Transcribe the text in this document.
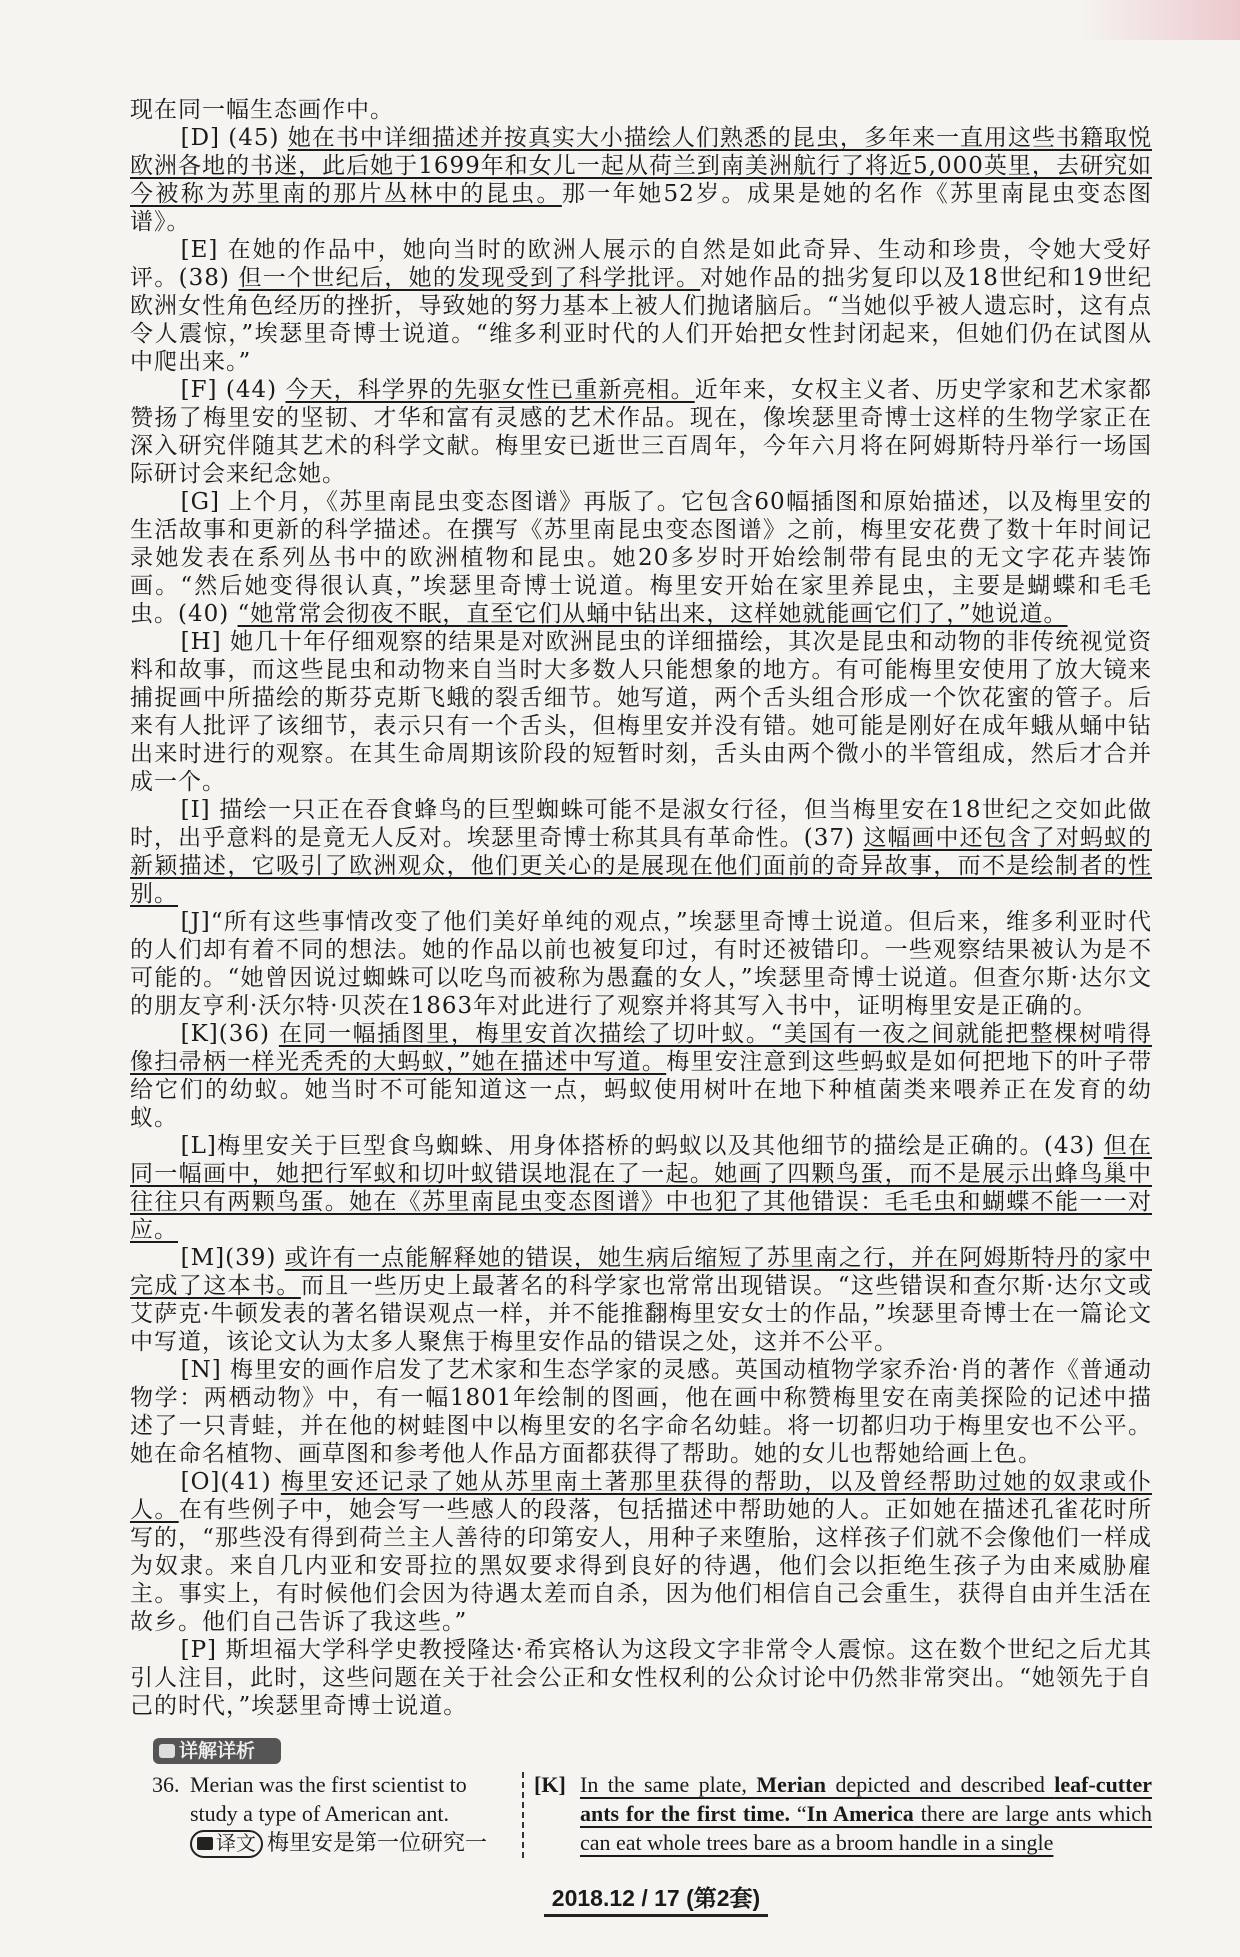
现在同一幅生态画作中。

[D] (45) 她在书中详细描述并按真实大小描绘人们熟悉的昆虫，多年来一直用这些书籍取悦欧洲各地的书迷，此后她于1699年和女儿一起从荷兰到南美洲航行了将近5,000英里，去研究如今被称为苏里南的那片丛林中的昆虫。那一年她52岁。成果是她的名作《苏里南昆虫变态图谱》。

[E] 在她的作品中，她向当时的欧洲人展示的自然是如此奇异、生动和珍贵，令她大受好评。(38) 但一个世纪后，她的发现受到了科学批评。对她作品的拙劣复印以及18世纪和19世纪欧洲女性角色经历的挫折，导致她的努力基本上被人们抛诸脑后。“当她似乎被人遗忘时，这有点令人震惊，”埃瑟里奇博士说道。“维多利亚时代的人们开始把女性封闭起来，但她们仍在试图从中爬出来。”

[F] (44) 今天，科学界的先驱女性已重新亮相。近年来，女权主义者、历史学家和艺术家都赞扬了梅里安的坚韧、才华和富有灵感的艺术作品。现在，像埃瑟里奇博士这样的生物学家正在深入研究伴随其艺术的科学文献。梅里安已逝世三百周年，今年六月将在阿姆斯特丹举行一场国际研讨会来纪念她。

[G] 上个月，《苏里南昆虫变态图谱》再版了。它包含60幅插图和原始描述，以及梅里安的生活故事和更新的科学描述。在撰写《苏里南昆虫变态图谱》之前，梅里安花费了数十年时间记录她发表在系列丛书中的欧洲植物和昆虫。她20多岁时开始绘制带有昆虫的无文字花卉装饰画。“然后她变得很认真，”埃瑟里奇博士说道。梅里安开始在家里养昆虫，主要是蝴蝶和毛毛虫。(40) “她常常会彻夜不眠，直至它们从蛹中钻出来，这样她就能画它们了，”她说道。

[H] 她几十年仔细观察的结果是对欧洲昆虫的详细描绘，其次是昆虫和动物的非传统视觉资料和故事，而这些昆虫和动物来自当时大多数人只能想象的地方。有可能梅里安使用了放大镜来捕捉画中所描绘的斯芬克斯飞蛾的裂舌细节。她写道，两个舌头组合形成一个饮花蜜的管子。后来有人批评了该细节，表示只有一个舌头，但梅里安并没有错。她可能是刚好在成年蛾从蛹中钻出来时进行的观察。在其生命周期该阶段的短暂时刻，舌头由两个微小的半管组成，然后才合并成一个。

[I] 描绘一只正在吞食蜂鸟的巨型蜘蛛可能不是淑女行径，但当梅里安在18世纪之交如此做时，出乎意料的是竟无人反对。埃瑟里奇博士称其具有革命性。(37) 这幅画中还包含了对蚂蚁的新颖描述，它吸引了欧洲观众，他们更关心的是展现在他们面前的奇异故事，而不是绘制者的性别。

[J]“所有这些事情改变了他们美好单纯的观点，”埃瑟里奇博士说道。但后来，维多利亚时代的人们却有着不同的想法。她的作品以前也被复印过，有时还被错印。一些观察结果被认为是不可能的。“她曾因说过蜘蛛可以吃鸟而被称为愚蠢的女人，”埃瑟里奇博士说道。但查尔斯·达尔文的朋友亨利·沃尔特·贝茨在1863年对此进行了观察并将其写入书中，证明梅里安是正确的。

[K](36) 在同一幅插图里，梅里安首次描绘了切叶蚁。“美国有一夜之间就能把整棵树啃得像扫帚柄一样光秃秃的大蚂蚁，”她在描述中写道。梅里安注意到这些蚂蚁是如何把地下的叶子带给它们的幼蚁。她当时不可能知道这一点，蚂蚁使用树叶在地下种植菌类来喂养正在发育的幼蚁。

[L]梅里安关于巨型食鸟蜘蛛、用身体搭桥的蚂蚁以及其他细节的描绘是正确的。(43) 但在同一幅画中，她把行军蚁和切叶蚁错误地混在了一起。她画了四颗鸟蛋，而不是展示出蜂鸟巢中往往只有两颗鸟蛋。她在《苏里南昆虫变态图谱》中也犯了其他错误：毛毛虫和蝴蝶不能一一对应。

[M](39) 或许有一点能解释她的错误，她生病后缩短了苏里南之行，并在阿姆斯特丹的家中完成了这本书。而且一些历史上最著名的科学家也常常出现错误。“这些错误和查尔斯·达尔文或艾萨克·牛顿发表的著名错误观点一样，并不能推翻梅里安女士的作品，”埃瑟里奇博士在一篇论文中写道，该论文认为太多人聚焦于梅里安作品的错误之处，这并不公平。

[N] 梅里安的画作启发了艺术家和生态学家的灵感。英国动植物学家乔治·肖的著作《普通动物学：两栖动物》中，有一幅1801年绘制的图画，他在画中称赞梅里安在南美探险的记述中描述了一只青蛙，并在他的树蛙图中以梅里安的名字命名幼蛙。将一切都归功于梅里安也不公平。她在命名植物、画草图和参考他人作品方面都获得了帮助。她的女儿也帮她给画上色。

[O](41) 梅里安还记录了她从苏里南土著那里获得的帮助，以及曾经帮助过她的奴隶或仆人。在有些例子中，她会写一些感人的段落，包括描述中帮助她的人。正如她在描述孔雀花时所写的，“那些没有得到荷兰主人善待的印第安人，用种子来堕胎，这样孩子们就不会像他们一样成为奴隶。来自几内亚和安哥拉的黑奴要求得到良好的待遇，他们会以拒绝生孩子为由来威胁雇主。事实上，有时候他们会因为待遇太差而自杀，因为他们相信自己会重生，获得自由并生活在故乡。他们自己告诉了我这些。”

[P] 斯坦福大学科学史教授隆达·希宾格认为这段文字非常令人震惊。这在数个世纪之后尤其引人注目，此时，这些问题在关于社会公正和女性权利的公众讨论中仍然非常突出。“她领先于自己的时代，”埃瑟里奇博士说道。

详解详析
36. Merian was the first scientist to
study a type of American ant.
译文 梅里安是第一位研究一
[K] In the same plate, Merian depicted and described leaf-cutter ants for the first time. “In America there are large ants which can eat whole trees bare as a broom handle in a single
2018.12 / 17 (第2套)
